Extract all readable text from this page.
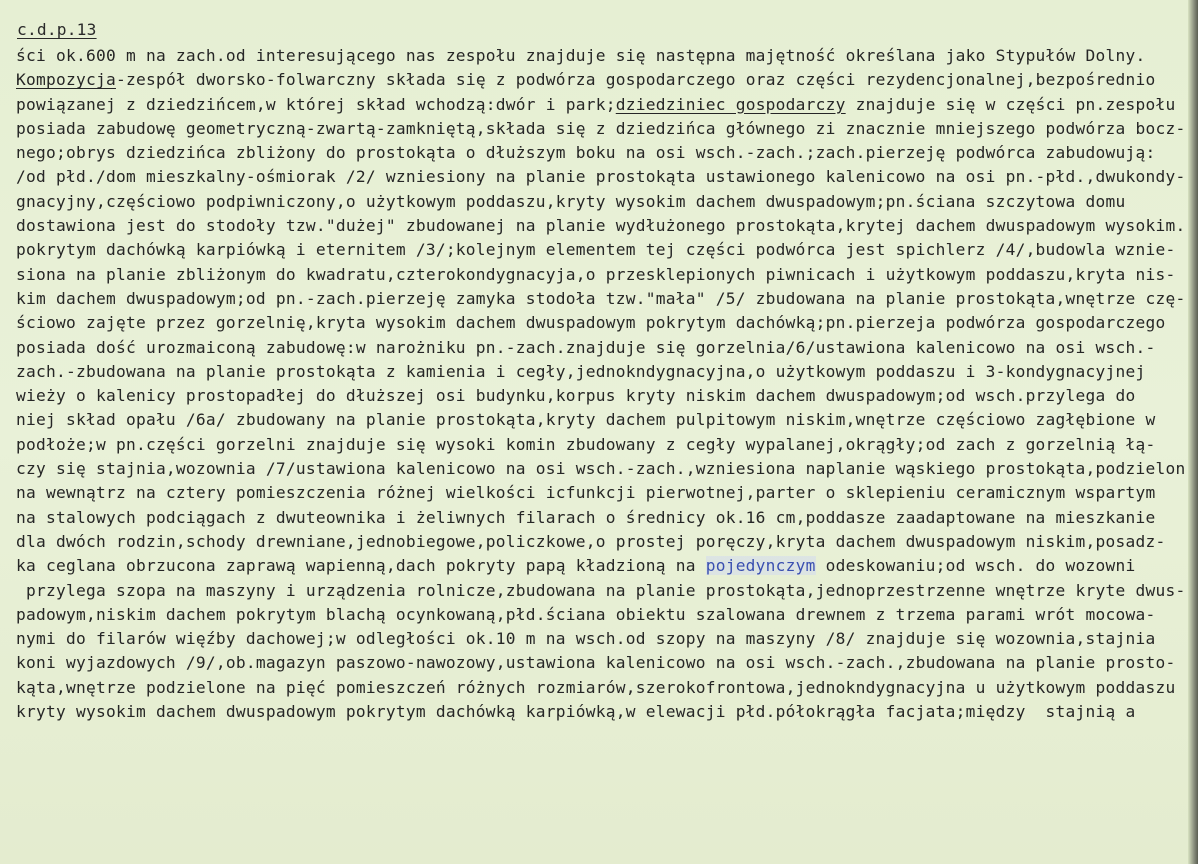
c.d.p.13
ści ok.600 m na zach.od interesującego nas zespołu znajduje się następna majętność określana jako Stypułów Dolny.
Kompozycja-zespół dworsko-folwarczny składa się z podwórza gospodarczego oraz części rezydencjonalnej,bezpośrednio
powiązanej z dziedzińcem,w której skład wchodzą:dwór i park;dziedziniec gospodarczy znajduje się w części pn.zespołu
posiada zabudowę geometryczną-zwartą-zamkniętą,składa się z dziedzińca głównego zi znacznie mniejszego podwórza bocz-
nego;obrys dziedzińca zbliżony do prostokąta o dłuższym boku na osi wsch.-zach.;zach.pierzeję podwórca zabudowują:
/od płd./dom mieszkalny-ośmiorak /2/ wzniesiony na planie prostokąta ustawionego kalenicowo na osi pn.-płd.,dwukondy-
gnacyjny,częściowo podpiwniczony,o użytkowym poddaszu,kryty wysokim dachem dwuspadowym;pn.ściana szczytowa domu
dostawiona jest do stodoły tzw."dużej" zbudowanej na planie wydłużonego prostokąta,krytej dachem dwuspadowym wysokim.
pokrytym dachówką karpiówką i eternitem /3/;kolejnym elementem tej części podwórca jest spichlerz /4/,budowla wznie-
siona na planie zbliżonym do kwadratu,czterokondygnacyja,o przesklepionych piwnicach i użytkowym poddaszu,kryta nis-
kim dachem dwuspadowym;od pn.-zach.pierzeję zamyka stodoła tzw."mała" /5/ zbudowana na planie prostokąta,wnętrze czę-
ściowo zajęte przez gorzelnię,kryta wysokim dachem dwuspadowym pokrytym dachówką;pn.pierzeja podwórza gospodarczego
posiada dość urozmaiconą zabudowę:w narożniku pn.-zach.znajduje się gorzelnia/6/ustawiona kalenicowo na osi wsch.-
zach.-zbudowana na planie prostokąta z kamienia i cegły,jednokndygnacyjna,o użytkowym poddaszu i 3-kondygnacyjnej
wieży o kalenicy prostopadłej do dłuższej osi budynku,korpus kryty niskim dachem dwuspadowym;od wsch.przylega do
niej skład opału /6a/ zbudowany na planie prostokąta,kryty dachem pulpitowym niskim,wnętrze częściowo zagłębione w
podłoże;w pn.części gorzelni znajduje się wysoki komin zbudowany z cegły wypalanej,okrągły;od zach z gorzelnią łą-
czy się stajnia,wozownia /7/ustawiona kalenicowo na osi wsch.-zach.,wzniesiona naplanie wąskiego prostokąta,podzielon
na wewnątrz na cztery pomieszczenia różnej wielkości icfunkcji pierwotnej,parter o sklepieniu ceramicznym wspartym
na stalowych podciągach z dwuteownika i żeliwnych filarach o średnicy ok.16 cm,poddasze zaadaptowane na mieszkanie
dla dwóch rodzin,schody drewniane,jednobiegowe,policzkowe,o prostej poręczy,kryta dachem dwuspadowym niskim,posadz-
ka ceglana obrzucona zaprawą wapienną,dach pokryty papą kładzioną na pojedynczym odeskowaniu;od wsch. do wozowni
przylega szopa na maszyny i urządzenia rolnicze,zbudowana na planie prostokąta,jednoprzestrzenne wnętrze kryte dwus-
padowym,niskim dachem pokrytym blachą ocynkowaną,płd.ściana obiektu szalowana drewnem z trzema parami wrót mocowa-
nymi do filarów więźby dachowej;w odległości ok.10 m na wsch.od szopy na maszyny /8/ znajduje się wozownia,stajnia
koni wyjazdowych /9/,ob.magazyn paszowo-nawozowy,ustawiona kalenicowo na osi wsch.-zach.,zbudowana na planie prosto-
kąta,wnętrze podzielone na pięć pomieszczeń różnych rozmiarów,szerokofrontowa,jednokndygnacyjna u użytkowym poddaszu
kryty wysokim dachem dwuspadowym pokrytym dachówką karpiówką,w elewacji płd.półokrągła facjata;między  stajnią a
